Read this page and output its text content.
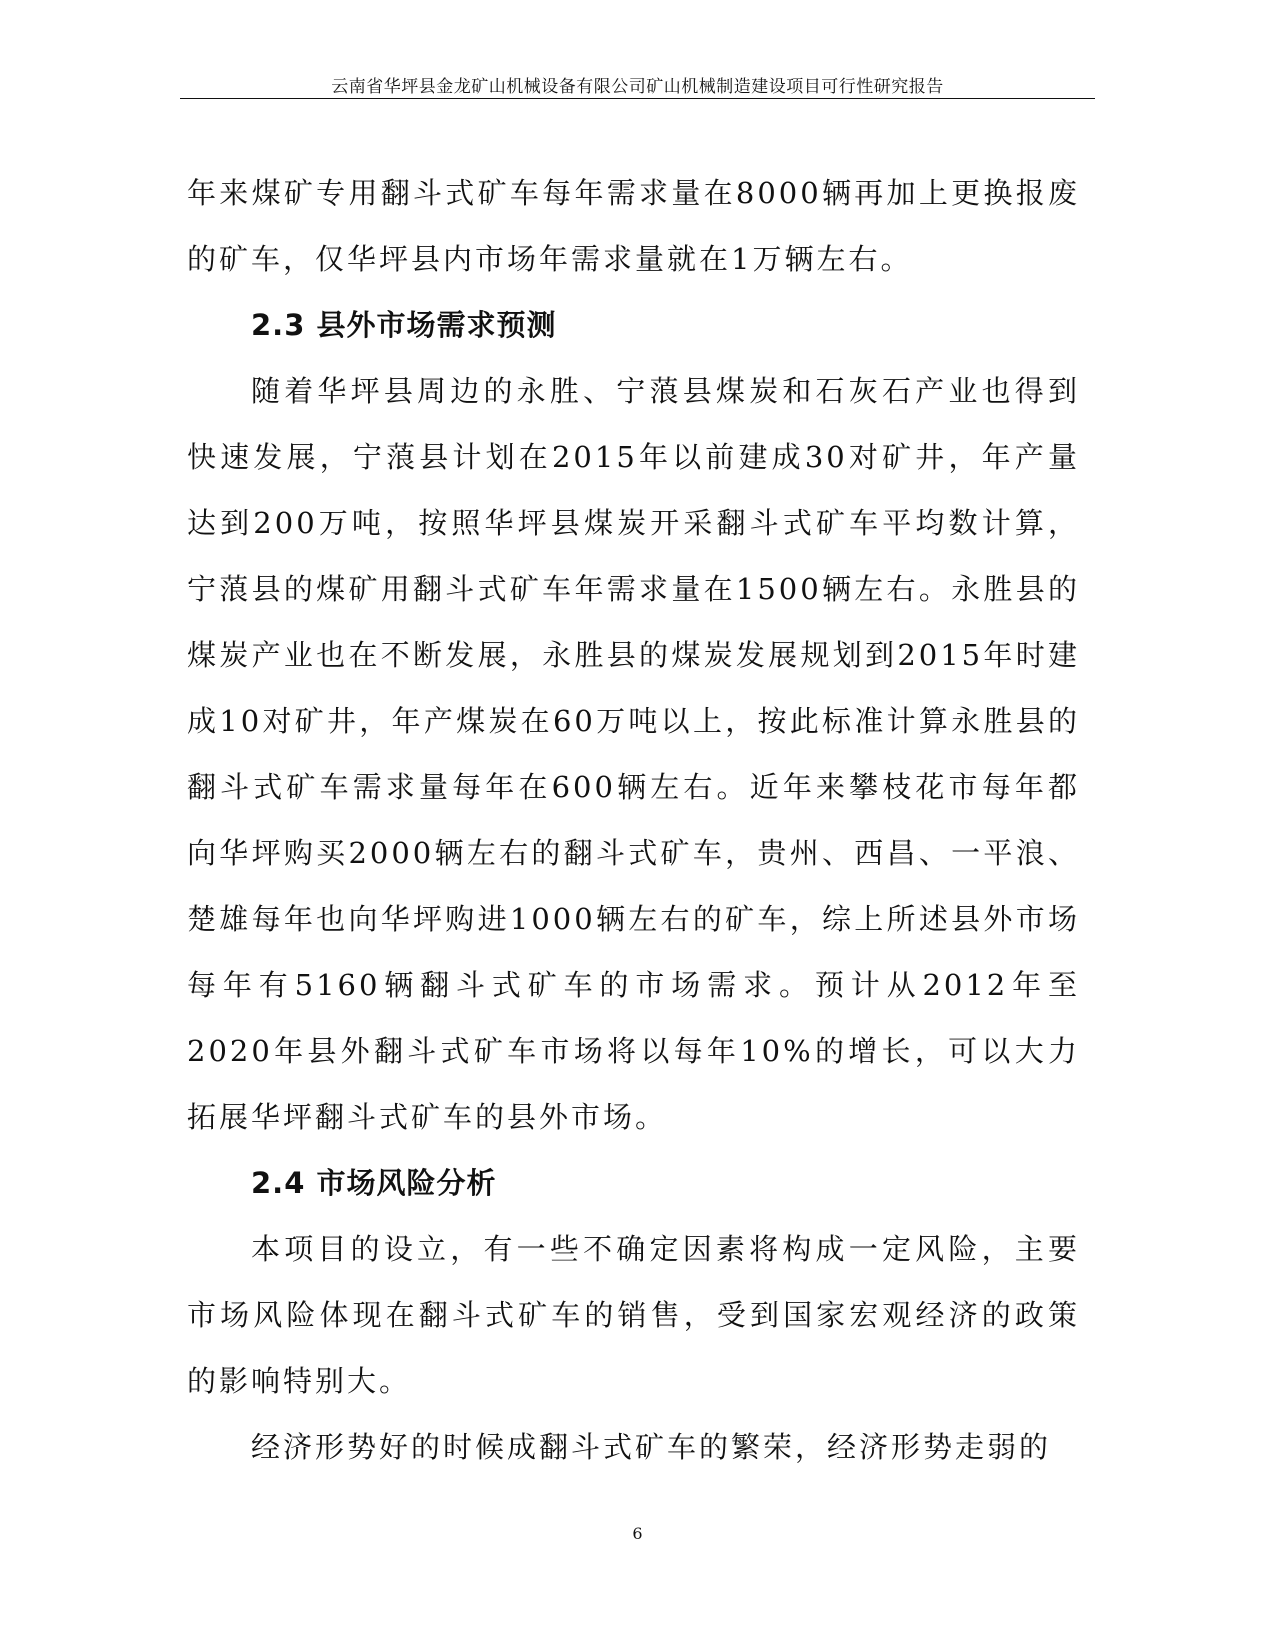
云南省华坪县金龙矿山机械设备有限公司矿山机械制造建设项目可行性研究报告

年来煤矿专用翻斗式矿车每年需求量在8000辆再加上更换报废的矿车，仅华坪县内市场年需求量就在1万辆左右。

2.3 县外市场需求预测

随着华坪县周边的永胜、宁蒗县煤炭和石灰石产业也得到快速发展，宁蒗县计划在2015年以前建成30对矿井，年产量达到200万吨，按照华坪县煤炭开采翻斗式矿车平均数计算，宁蒗县的煤矿用翻斗式矿车年需求量在1500辆左右。永胜县的煤炭产业也在不断发展，永胜县的煤炭发展规划到2015年时建成10对矿井，年产煤炭在60万吨以上，按此标准计算永胜县的翻斗式矿车需求量每年在600辆左右。近年来攀枝花市每年都向华坪购买2000辆左右的翻斗式矿车，贵州、西昌、一平浪、楚雄每年也向华坪购进1000辆左右的矿车，综上所述县外市场每年有5160辆翻斗式矿车的市场需求。预计从2012年至2020年县外翻斗式矿车市场将以每年10%的增长，可以大力拓展华坪翻斗式矿车的县外市场。

2.4 市场风险分析

本项目的设立，有一些不确定因素将构成一定风险，主要市场风险体现在翻斗式矿车的销售，受到国家宏观经济的政策的影响特别大。

经济形势好的时候成翻斗式矿车的繁荣，经济形势走弱的

6
